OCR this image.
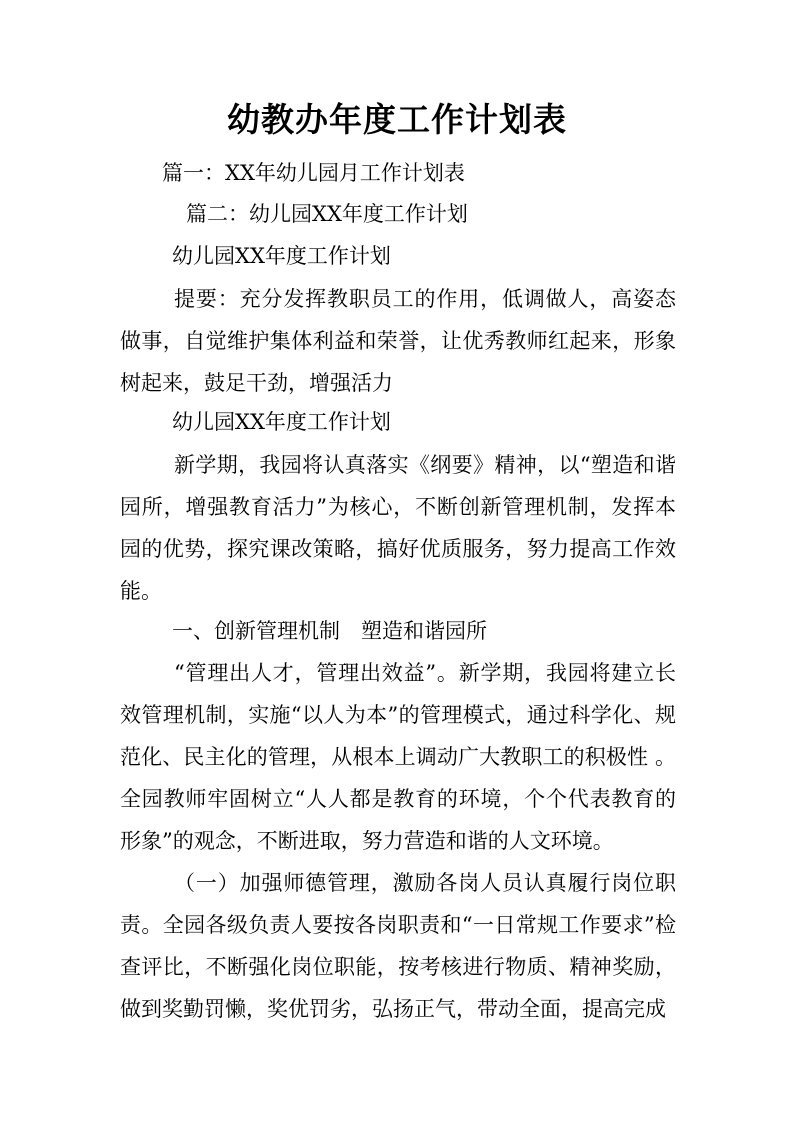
幼教办年度工作计划表
篇一：XX年幼儿园月工作计划表
篇二：幼儿园XX年度工作计划
幼儿园XX年度工作计划

提要：充分发挥教职员工的作用，低调做人，高姿态做事，自觉维护集体利益和荣誉，让优秀教师红起来，形象树起来，鼓足干劲，增强活力

幼儿园XX年度工作计划

新学期，我园将认真落实《纲要》精神，以“塑造和谐园所，增强教育活力”为核心，不断创新管理机制，发挥本园的优势，探究课改策略，搞好优质服务，努力提高工作效能。

一、创新管理机制　塑造和谐园所

“管理出人才，管理出效益”。新学期，我园将建立长效管理机制，实施“以人为本”的管理模式，通过科学化、规范化、民主化的管理，从根本上调动广大教职工的积极性 。全园教师牢固树立“人人都是教育的环境，个个代表教育的形象”的观念，不断进取，努力营造和谐的人文环境。

（一）加强师德管理，激励各岗人员认真履行岗位职责。全园各级负责人要按各岗职责和“一日常规工作要求”检查评比，不断强化岗位职能，按考核进行物质、精神奖励，做到奖勤罚懒，奖优罚劣，弘扬正气，带动全面，提高完成
